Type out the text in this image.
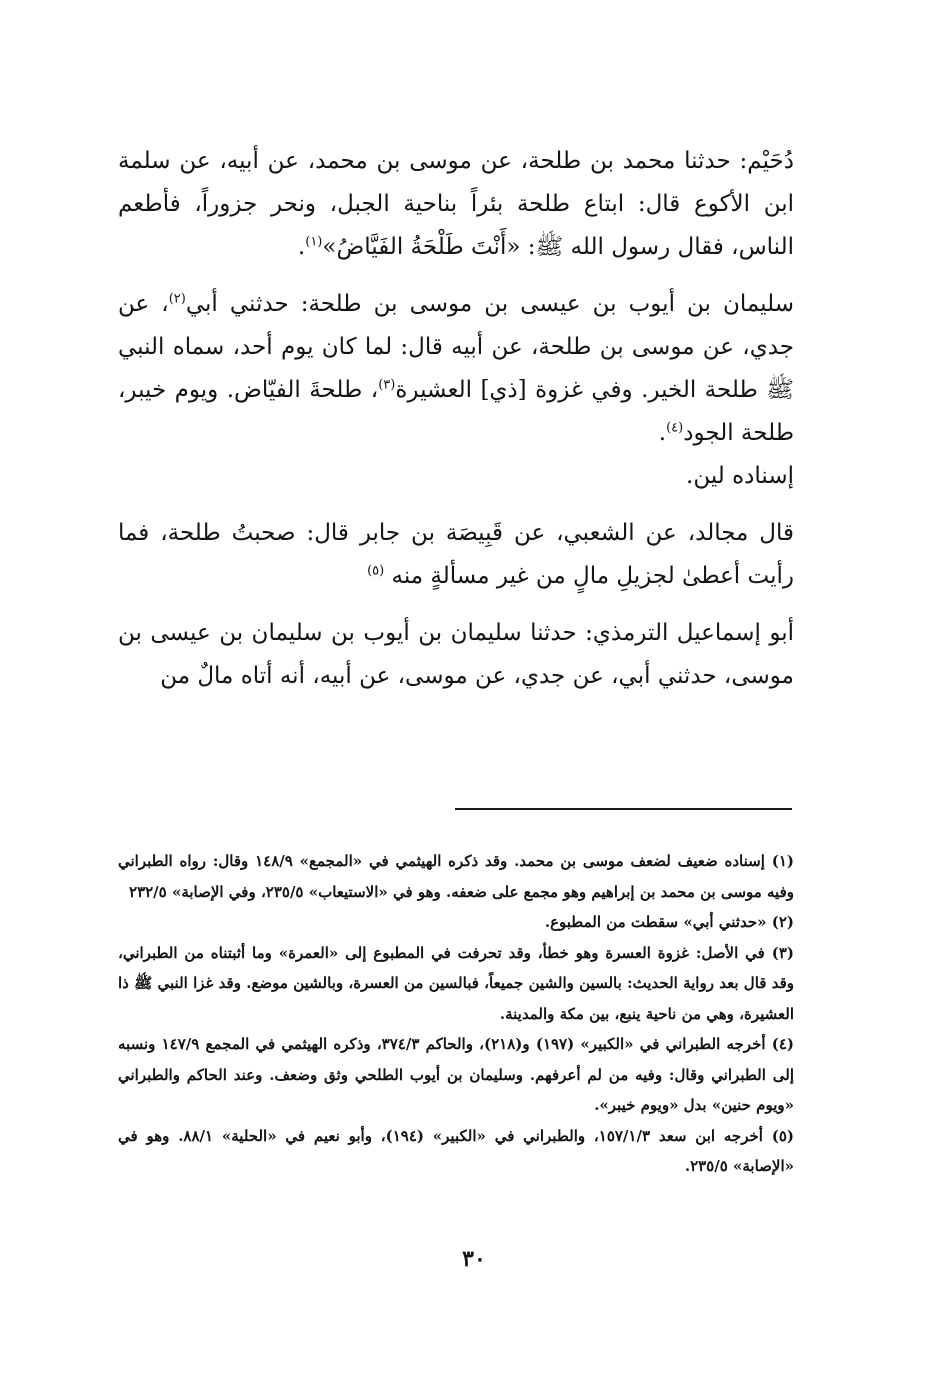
دُحَيْم: حدثنا محمد بن طلحة، عن موسى بن محمد، عن أبيه، عن سلمة ابن الأكوع قال: ابتاع طلحة بئراً بناحية الجبل، ونحر جزوراً، فأطعم الناس، فقال رسول الله ﷺ: «أَنْتَ طَلْحَةُ الفَيَّاضُ»$^{(١)}$.

سليمان بن أيوب بن عيسى بن موسى بن طلحة: حدثني أبي$^{(٢)}$، عن جدي، عن موسى بن طلحة، عن أبيه قال: لما كان يوم أحد، سماه النبي ﷺ طلحة الخير. وفي غزوة [ذي] العشيرة$^{(٣)}$، طلحةَ الفيّاض. ويوم خيبر، طلحة الجود$^{(٤)}$.

إسناده لين.

قال مجالد، عن الشعبي، عن قَبِيصَة بن جابر قال: صحبتُ طلحة، فما رأيت أعطىٰ لجزيلِ مالٍ من غير مسألةٍ منه $^{(٥)}$

أبو إسماعيل الترمذي: حدثنا سليمان بن أيوب بن سليمان بن عيسى بن موسى، حدثني أبي، عن جدي، عن موسى، عن أبيه، أنه أتاه مالٌ من

(١) إسناده ضعيف لضعف موسى بن محمد. وقد ذكره الهيثمي في «المجمع» ١٤٨/٩ وقال: رواه الطبراني وفيه موسى بن محمد بن إبراهيم وهو مجمع على ضعفه. وهو في «الاستيعاب» ٢٣٥/٥، وفي الإصابة» ٢٣٢/٥

(٢) «حدثني أبي» سقطت من المطبوع.

(٣) في الأصل: غزوة العسرة وهو خطأ، وقد تحرفت في المطبوع إلى «العمرة» وما أثبتناه من الطبراني، وقد قال بعد رواية الحديث: بالسين والشين جميعاً، فبالسين من العسرة، وبالشين موضع. وقد غزا النبي ﷺ ذا العشيرة، وهي من ناحية ينبع، بين مكة والمدينة.

(٤) أخرجه الطبراني في «الكبير» (١٩٧) و(٢١٨)، والحاكم ٣٧٤/٣، وذكره الهيثمي في المجمع ١٤٧/٩ ونسبه إلى الطبراني وقال: وفيه من لم أعرفهم. وسليمان بن أيوب الطلحي وثق وضعف. وعند الحاكم والطبراني «ويوم حنين» بدل «ويوم خيبر».

(٥) أخرجه ابن سعد ١٥٧/١/٣، والطبراني في «الكبير» (١٩٤)، وأبو نعيم في «الحلية» ٨٨/١. وهو في «الإصابة» ٢٣٥/٥.

٣٠
